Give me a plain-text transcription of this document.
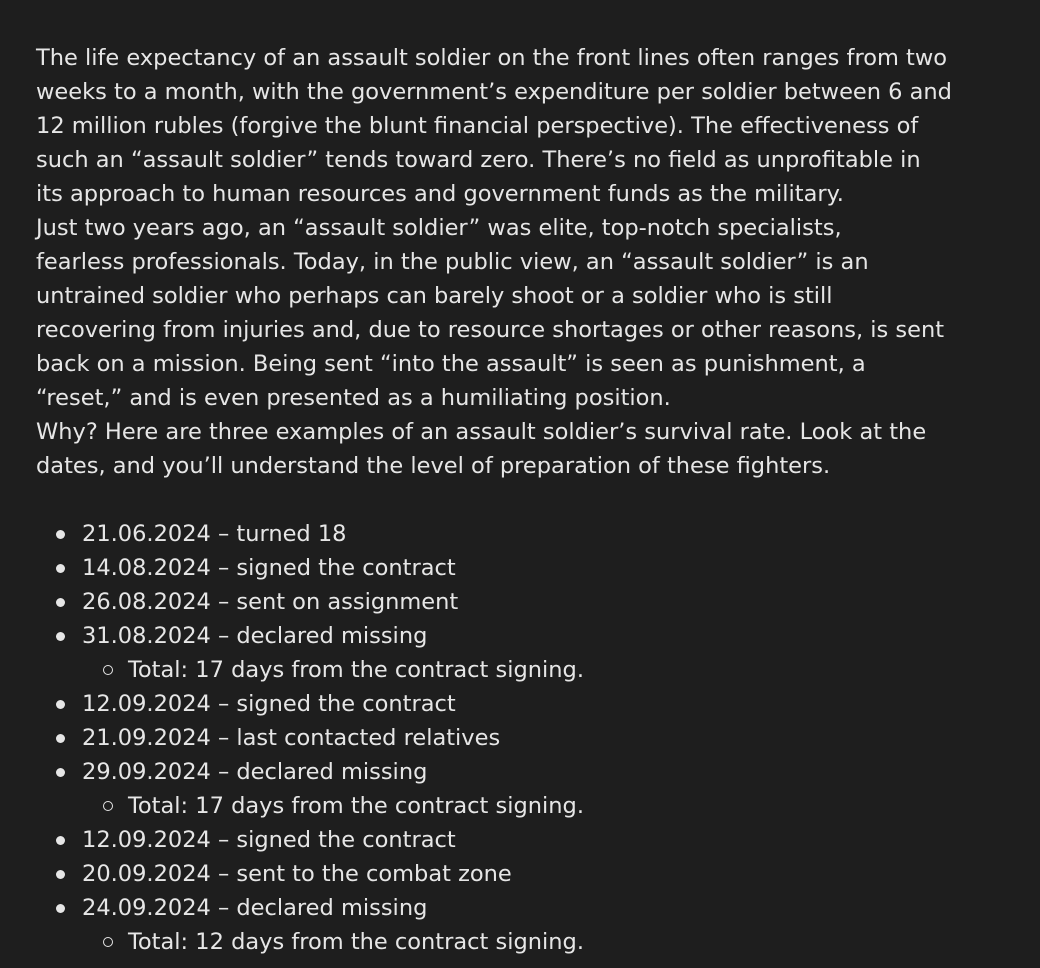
The life expectancy of an assault soldier on the front lines often ranges from two

weeks to a month, with the government’s expenditure per soldier between 6 and

12 million rubles (forgive the blunt financial perspective). The effectiveness of

such an “assault soldier” tends toward zero. There’s no field as unprofitable in

its approach to human resources and government funds as the military.

Just two years ago, an “assault soldier” was elite, top-notch specialists,

fearless professionals. Today, in the public view, an “assault soldier” is an

untrained soldier who perhaps can barely shoot or a soldier who is still

recovering from injuries and, due to resource shortages or other reasons, is sent

back on a mission. Being sent “into the assault” is seen as punishment, a

“reset,” and is even presented as a humiliating position.

Why? Here are three examples of an assault soldier’s survival rate. Look at the

dates, and you’ll understand the level of preparation of these fighters.

21.06.2024 – turned 18
14.08.2024 – signed the contract
26.08.2024 – sent on assignment
31.08.2024 – declared missing
Total: 17 days from the contract signing.
12.09.2024 – signed the contract
21.09.2024 – last contacted relatives
29.09.2024 – declared missing
Total: 17 days from the contract signing.
12.09.2024 – signed the contract
20.09.2024 – sent to the combat zone
24.09.2024 – declared missing
Total: 12 days from the contract signing.
